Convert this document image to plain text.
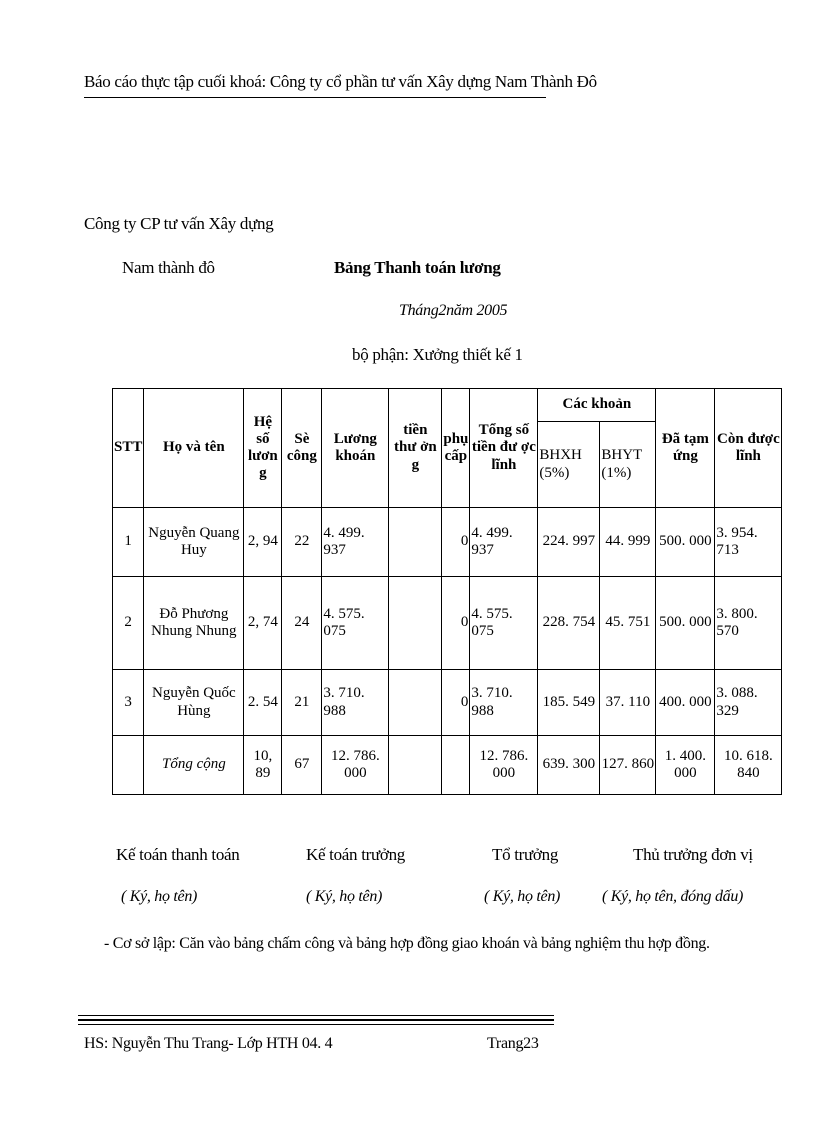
Báo cáo thực tập cuối khoá: Công ty cổ phần tư vấn Xây dựng Nam Thành Đô
Công ty CP tư vấn Xây dựng
Nam thành đô	Bảng Thanh toán lương
Tháng2năm 2005
bộ phận: Xưởng thiết kế 1
STT	Họ và tên	Hệ số lươn g	Sè công	Lương khoán	tiền thư ởn g	phụ cấp	Tổng số tiền đư ợc lĩnh	Các khoản		Đã tạm ứng	Còn được lĩnh
								BHXH (5%)	BHYT (1%)		
1	Nguyễn Quang Huy	2, 94	22	4. 499. 937		0	4. 499. 937	224. 997	44. 999	500. 000	3. 954. 713
2	Đỗ Phương Nhung Nhung	2, 74	24	4. 575. 075		0	4. 575. 075	228. 754	45. 751	500. 000	3. 800. 570
3	Nguyễn Quốc Hùng	2. 54	21	3. 710. 988		0	3. 710. 988	185. 549	37. 110	400. 000	3. 088. 329
	Tổng cộng	10, 89	67	12. 786. 000			12. 786. 000	639. 300	127. 860	1. 400. 000	10. 618. 840
Kế toán thanh toán	Kế toán trưởng	Tổ trưởng	Thủ trưởng đơn vị
( Ký, họ tên)	( Ký, họ tên)	( Ký, họ tên)	( Ký, họ tên, đóng dấu)
- Cơ sở lập: Căn vào bảng chấm công và bảng hợp đồng giao khoán và bảng nghiệm thu hợp đồng.
HS: Nguyễn Thu Trang- Lớp HTH 04. 4	Trang23
